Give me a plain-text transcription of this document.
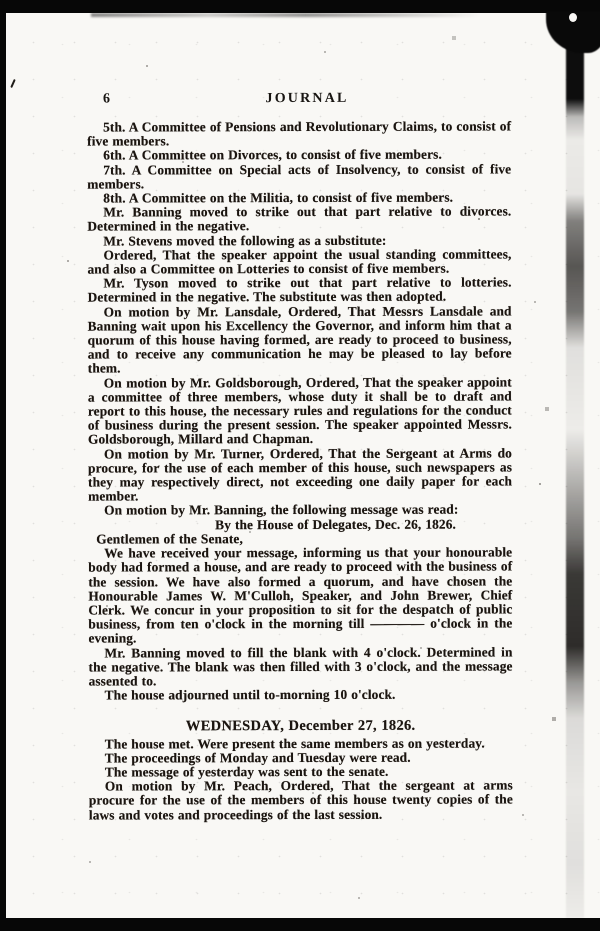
6	JOURNAL

5th. A Committee of Pensions and Revolutionary Claims, to consist of five members.

6th. A Committee on Divorces, to consist of five members.

7th. A Committee on Special acts of Insolvency, to consist of five members.

8th. A Committee on the Militia, to consist of five members.

Mr. Banning moved to strike out that part relative to divorces. Determined in the negative.

Mr. Stevens moved the following as a substitute:

Ordered, That the speaker appoint the usual standing committees, and also a Committee on Lotteries to consist of five members.

Mr. Tyson moved to strike out that part relative to lotteries. Determined in the negative. The substitute was then adopted.

On motion by Mr. Lansdale, Ordered, That Messrs Lansdale and Banning wait upon his Excellency the Governor, and inform him that a quorum of this house having formed, are ready to proceed to business, and to receive any communication he may be pleased to lay before them.

On motion by Mr. Goldsborough, Ordered, That the speaker appoint a committee of three members, whose duty it shall be to draft and report to this house, the necessary rules and regulations for the conduct of business during the present session. The speaker appointed Messrs. Goldsborough, Millard and Chapman.

On motion by Mr. Turner, Ordered, That the Sergeant at Arms do procure, for the use of each member of this house, such newspapers as they may respectively direct, not exceeding one daily paper for each member.

On motion by Mr. Banning, the following message was read:

By the House of Delegates, Dec. 26, 1826.

Gentlemen of the Senate,

We have received your message, informing us that your honourable body had formed a house, and are ready to proceed with the business of the session. We have also formed a quorum, and have chosen the Honourable James W. M'Culloh, Speaker, and John Brewer, Chief Clerk. We concur in your proposition to sit for the despatch of public business, from ten o'clock in the morning till ———— o'clock in the evening.

Mr. Banning moved to fill the blank with 4 o'clock. Determined in the negative. The blank was then filled with 3 o'clock, and the message assented to.

The house adjourned until to-morning 10 o'clock.

WEDNESDAY, December 27, 1826.

The house met. Were present the same members as on yesterday.

The proceedings of Monday and Tuesday were read.

The message of yesterday was sent to the senate.

On motion by Mr. Peach, Ordered, That the sergeant at arms procure for the use of the members of this house twenty copies of the laws and votes and proceedings of the last session.
